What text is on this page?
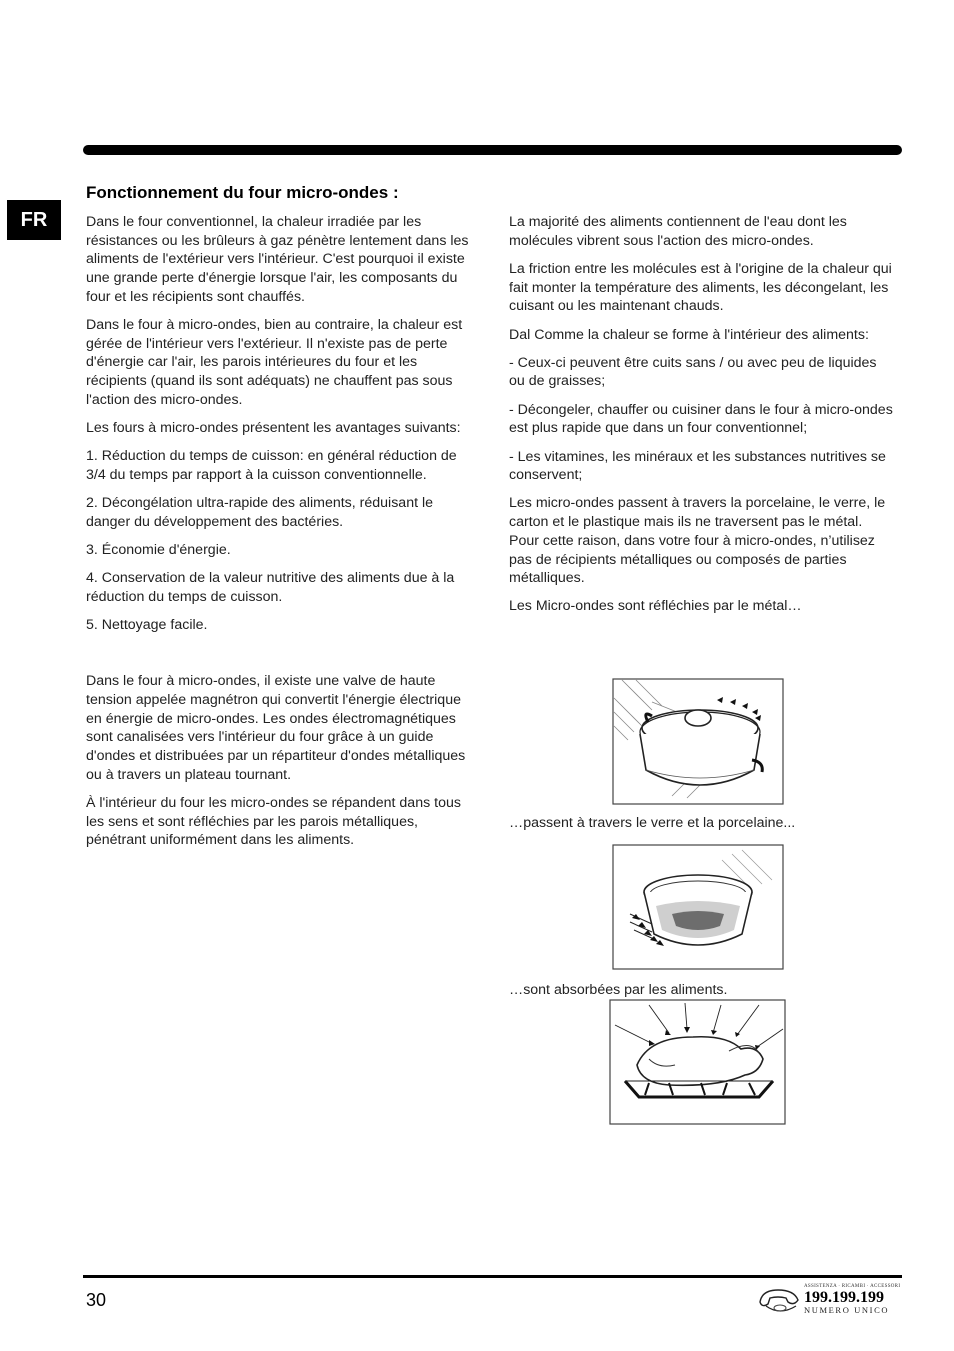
FR
Fonctionnement du four micro-ondes :

Dans le four conventionnel, la chaleur irradiée par les résistances ou les brûleurs à gaz pénètre lentement dans les aliments de l'extérieur vers l'intérieur. C'est pourquoi il existe une grande perte d'énergie lorsque l'air, les composants du four et les récipients sont chauffés.

Dans le four à micro-ondes, bien au contraire, la chaleur est gérée de l'intérieur vers l'extérieur. Il n'existe pas de perte d'énergie car l'air, les parois intérieures du four et les récipients (quand ils sont adéquats) ne chauffent pas sous l'action des micro-ondes.

Les fours à micro-ondes présentent les avantages suivants:

1. Réduction du temps de cuisson: en général réduction de 3/4 du temps par rapport à la cuisson conventionnelle.

2. Décongélation ultra-rapide des aliments, réduisant le danger du développement des bactéries.

3. Économie d'énergie.

4. Conservation de la valeur nutritive des aliments due à la réduction du temps de cuisson.

5. Nettoyage facile.

Dans le four à micro-ondes, il existe une valve de haute tension appelée magnétron qui convertit l'énergie électrique en énergie de micro-ondes. Les ondes électromagnétiques sont canalisées vers l'intérieur du four grâce à un guide d'ondes et distribuées par un répartiteur d'ondes métalliques ou à travers un plateau tournant.

À l'intérieur du four les micro-ondes se répandent dans tous les sens et sont réfléchies par les parois métalliques, pénétrant uniformément dans les aliments.

La majorité des aliments contiennent de l'eau dont les molécules vibrent sous l'action des micro-ondes.

La friction entre les molécules est à l'origine de la chaleur qui fait monter la température des aliments, les décongelant, les cuisant ou les maintenant chauds.

Dal Comme la chaleur se forme à l'intérieur des aliments:

- Ceux-ci peuvent être cuits sans / ou avec peu de liquides ou de graisses;

- Décongeler, chauffer ou cuisiner dans le four à micro-ondes est plus rapide que dans un four conventionnel;

- Les vitamines, les minéraux et les substances nutritives se conservent;

Les micro-ondes passent à travers la porcelaine, le verre, le carton et le plastique mais ils ne traversent pas le métal. Pour cette raison, dans votre four à micro-ondes, n’utilisez pas de récipients métalliques ou composés de parties métalliques.

Les Micro-ondes sont réfléchies par le métal…

…passent à travers le verre et la porcelaine...

…sont absorbées par les aliments.

30
ASSISTENZA · RICAMBI · ACCESSORI
199.199.199
NUMERO UNICO
